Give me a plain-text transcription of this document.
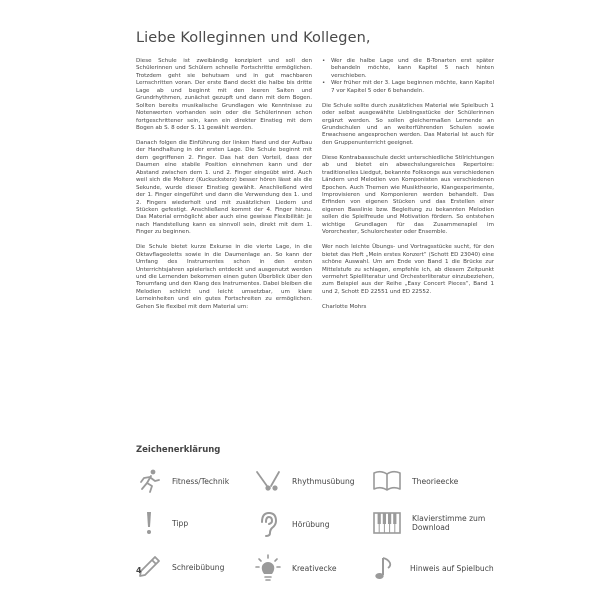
Liebe Kolleginnen und Kollegen,

Diese Schule ist zweibändig konzipiert und soll den Schülerinnen und Schülern schnelle Fortschritte ermöglichen. Trotzdem geht sie behutsam und in gut machbaren Lernschritten voran. Der erste Band deckt die halbe bis dritte Lage ab und beginnt mit den leeren Saiten und Grundrhythmen, zunächst gezupft und dann mit dem Bogen. Sollten bereits musikalische Grundlagen wie Kenntnisse zu Notenwerten vorhanden sein oder die Schülerinnen schon fortgeschrittener sein, kann ein direkter Einstieg mit dem Bogen ab S. 8 oder S. 11 gewählt werden.

Danach folgen die Einführung der linken Hand und der Aufbau der Handhaltung in der ersten Lage. Die Schule beginnt mit dem gegriffenen 2. Finger. Das hat den Vorteil, dass der Daumen eine stabile Position einnehmen kann und der Abstand zwischen dem 1. und 2. Finger eingeübt wird. Auch weil sich die Molterz (Kuckucksterz) besser hören lässt als die Sekunde, wurde dieser Einstieg gewählt. Anschließend wird der 1. Finger eingeführt und dann die Verwendung des 1. und 2. Fingers wiederholt und mit zusätzlichen Liedern und Stücken gefestigt. Anschließend kommt der 4. Finger hinzu. Das Material ermöglicht aber auch eine gewisse Flexibilität: Je nach Handstellung kann es sinnvoll sein, direkt mit dem 1. Finger zu beginnen.

Die Schule bietet kurze Exkurse in die vierte Lage, in die Oktavflageoletts sowie in die Daumenlage an. So kann der Umfang des Instrumentes schon in den ersten Unterrichtsjahren spielerisch entdeckt und ausgenutzt werden und die Lernenden bekommen einen guten Überblick über den Tonumfang und den Klang des Instrumentes. Dabei bleiben die Melodien schlicht und leicht umsetzbar, um klare Lerneinheiten und ein gutes Fortschreiten zu ermöglichen. Gehen Sie flexibel mit dem Material um:

•	Wer die halbe Lage und die B-Tonarten erst später behandeln möchte, kann Kapitel 5 nach hinten verschieben.
•	Wer früher mit der 3. Lage beginnen möchte, kann Kapitel 7 vor Kapitel 5 oder 6 behandeln.

Die Schule sollte durch zusätzliches Material wie Spielbuch 1 oder selbst ausgewählte Lieblingsstücke der Schülerinnen ergänzt werden. So sollen gleichermaßen Lernende an Grundschulen und an weiterführenden Schulen sowie Erwachsene angesprochen werden. Das Material ist auch für den Gruppenunterricht geeignet.

Diese Kontrabassschule deckt unterschiedliche Stilrichtungen ab und bietet ein abwechslungsreiches Repertoire: traditionelles Liedgut, bekannte Folksongs aus verschiedenen Ländern und Melodien von Komponisten aus verschiedenen Epochen. Auch Themen wie Musiktheorie, Klangexperimente, Improvisieren und Komponieren werden behandelt. Das Erfinden von eigenen Stücken und das Erstellen einer eigenen Basslinie bzw. Begleitung zu bekannten Melodien sollen die Spielfreude und Motivation fördern. So entstehen wichtige Grundlagen für das Zusammenspiel im Vororchester, Schulorchester oder Ensemble.

Wer noch leichte Übungs- und Vortragsstücke sucht, für den bietet das Heft „Mein erstes Konzert“ (Schott ED 23040) eine schöne Auswahl. Um am Ende von Band 1 die Brücke zur Mittelstufe zu schlagen, empfehle ich, ab diesem Zeitpunkt vermehrt Spielliteratur und Orchesterliteratur einzubeziehen, zum Beispiel aus der Reihe „Easy Concert Pieces“, Band 1 und 2, Schott ED 22551 und ED 22552.

Charlotte Mohrs

Zeichenerklärung
Fitness/Technik	Rhythmusübung	Theorieecke
Tipp	Hörübung
Klavierstimme zum Download
Schreibübung	Kreativecke	Hinweis auf Spielbuch
4
